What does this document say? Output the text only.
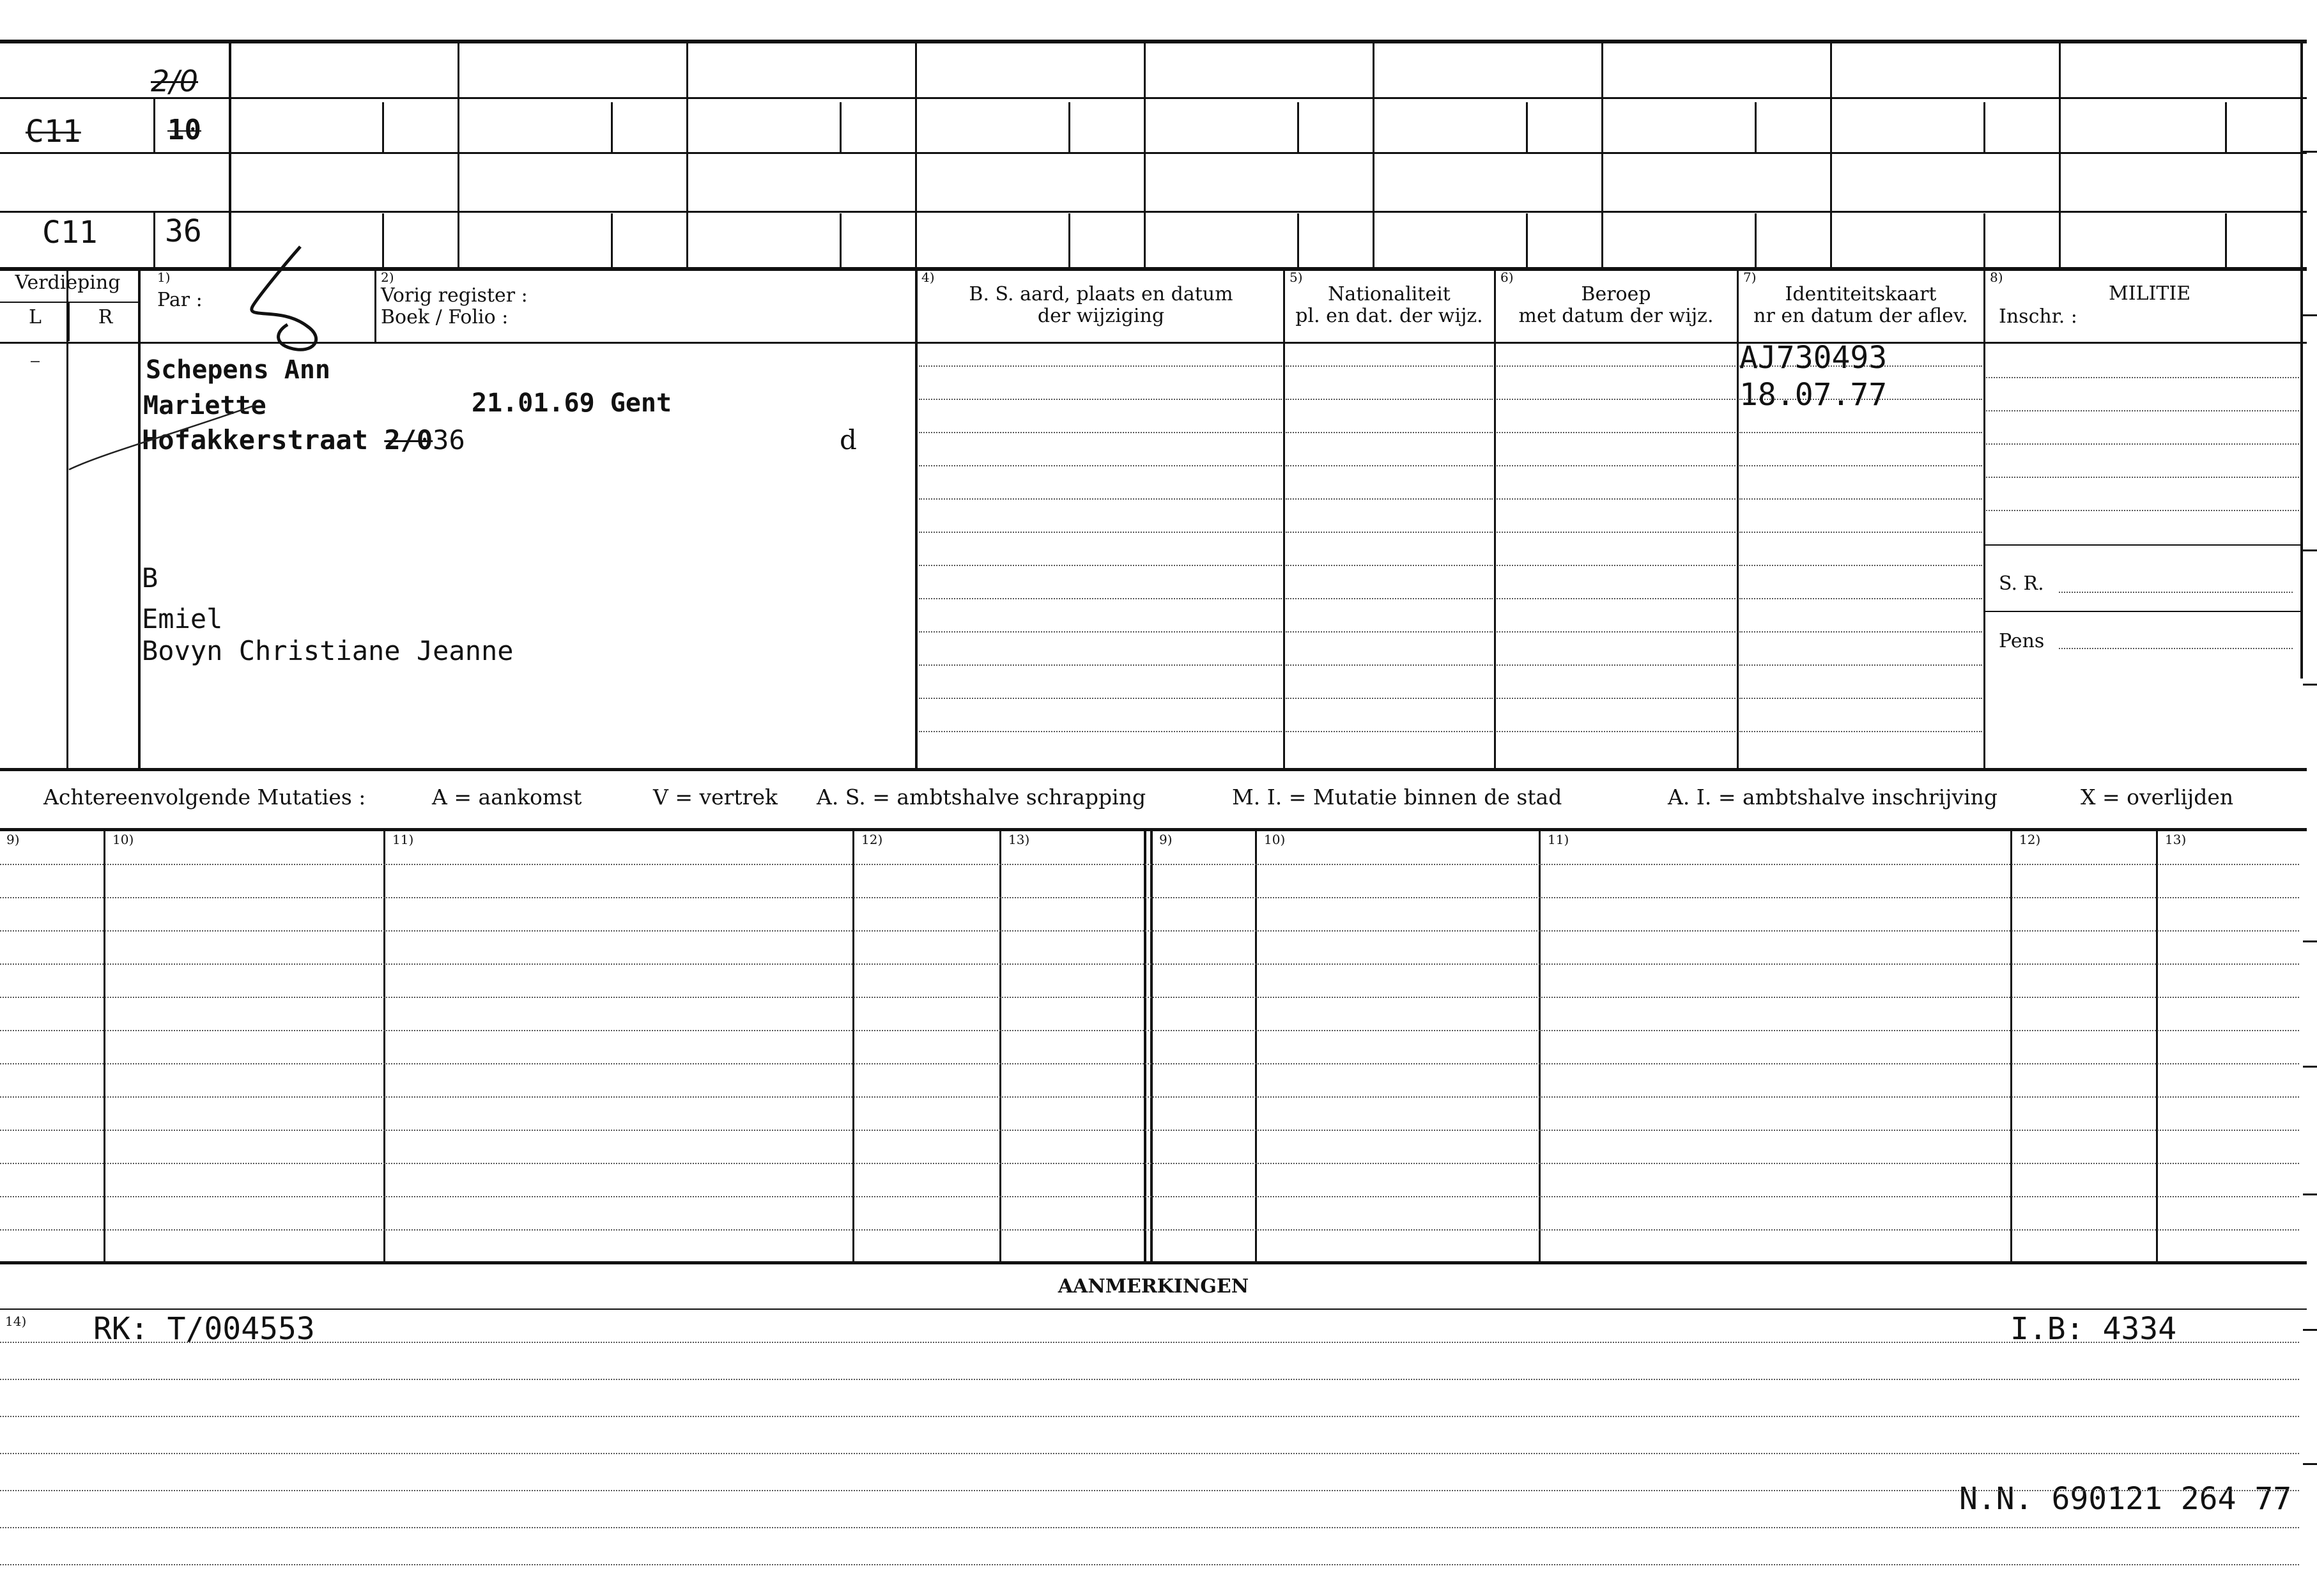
C11
2/0
10
C11 36
Verdieping
L	R
1)
Par :
2)
Vorig register :
Boek / Folio :
4)
B. S. aard, plaats en datum
der wijziging
5)
Nationaliteit
pl. en dat. der wijz.
6)
Beroep
met datum der wijz.
7)
Identiteitskaart
nr en datum der aflev.
8)
MILITIE
Inschr. :
S. R.
Pens
Schepens Ann
Mariette	21.01.69 Gent
Hofakkerstraat 2/036	d
B
Emiel
Bovyn Christiane Jeanne
AJ730493
18.07.77
Achtereenvolgende Mutaties :	A = aankomst	V = vertrek A. S. = ambtshalve schrapping	M. I. = Mutatie binnen de stad	A. I. = ambtshalve inschrijving	X = overlijden
9)	10)	11)	12)	13)	9)	10)	11)	12)	13)
AANMERKINGEN
14) RK: T/004553	I.B: 4334
N.N. 690121 264 77
